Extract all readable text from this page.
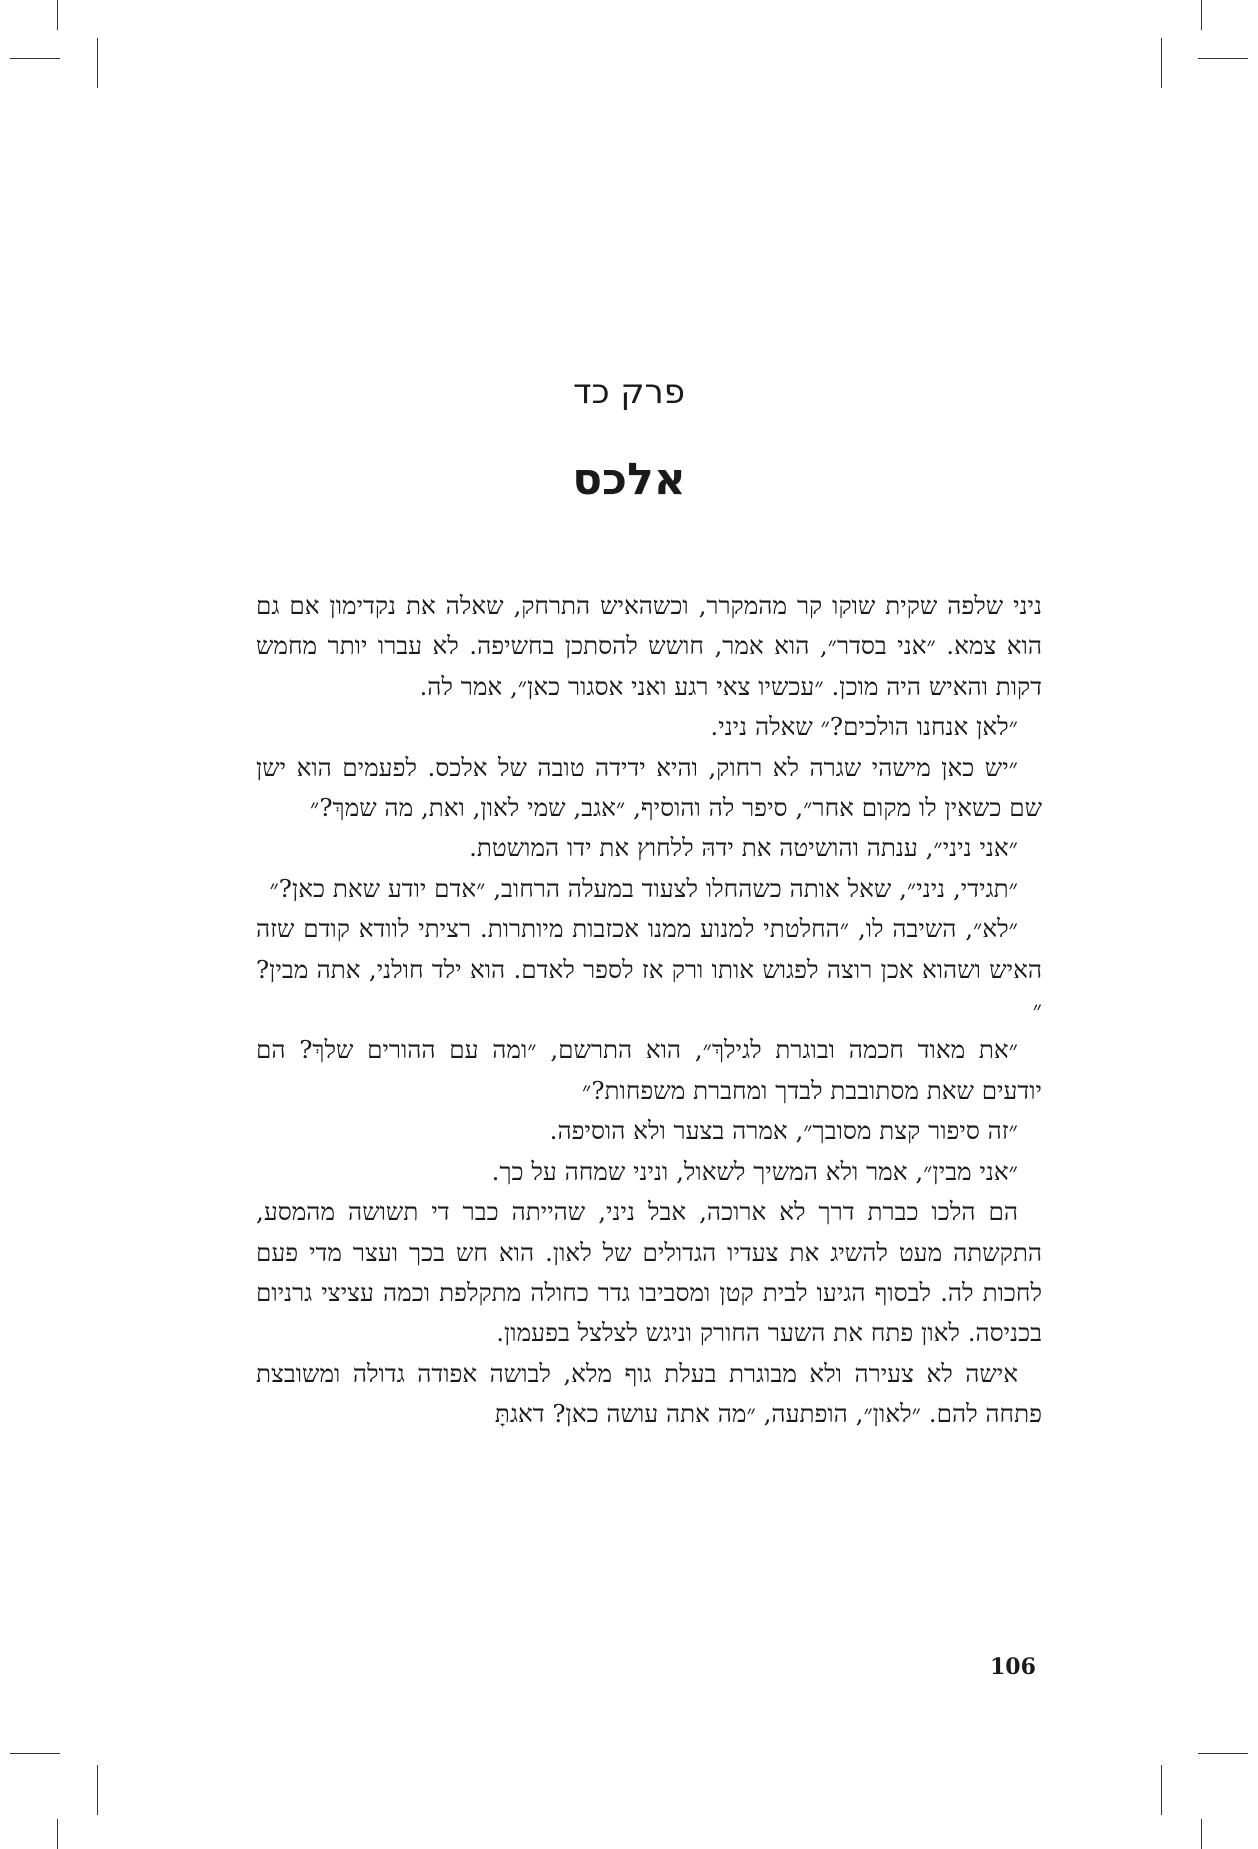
פרק כד
אלכס

ניני שלפה שקית שוקו קר מהמקרר, וכשהאיש התרחק, שאלה את נקדימון אם גם הוא צמא. ״אני בסדר״, הוא אמר, חושש להסתכן בחשיפה. לא עברו יותר מחמש דקות והאיש היה מוכן. ״עכשיו צאי רגע ואני אסגור כאן״, אמר לה.

״לאן אנחנו הולכים?״ שאלה ניני.

״יש כאן מישהי שגרה לא רחוק, והיא ידידה טובה של אלכס. לפעמים הוא ישן שם כשאין לו מקום אחר״, סיפר לה והוסיף, ״אגב, שמי לאון, ואת, מה שמךְ?״

״אני ניני״, ענתה והושיטה את ידהּ ללחוץ את ידו המושטת.

״תגידי, ניני״, שאל אותה כשהחלו לצעוד במעלה הרחוב, ״אדם יודע שאת כאן?״

״לא״, השיבה לו, ״החלטתי למנוע ממנו אכזבות מיותרות. רציתי לוודא קודם שזה האיש ושהוא אכן רוצה לפגוש אותו ורק אז לספר לאדם. הוא ילד חולני, אתה מבין?״

״את מאוד חכמה ובוגרת לגילךְ״, הוא התרשם, ״ומה עם ההורים שלךְ? הם יודעים שאת מסתובבת לבדך ומחברת משפחות?״

״זה סיפור קצת מסובך״, אמרה בצער ולא הוסיפה.

״אני מבין״, אמר ולא המשיך לשאול, וניני שמחה על כך.

הם הלכו כברת דרך לא ארוכה, אבל ניני, שהייתה כבר די תשושה מהמסע, התקשתה מעט להשיג את צעדיו הגדולים של לאון. הוא חש בכך ועצר מדי פעם לחכות לה. לבסוף הגיעו לבית קטן ומסביבו גדר כחולה מתקלפת וכמה עציצי גרניום בכניסה. לאון פתח את השער החורק וניגש לצלצל בפעמון.

אישה לא צעירה ולא מבוגרת בעלת גוף מלא, לבושה אפודה גדולה ומשובצת פתחה להם. ״לאון״, הופתעה, ״מה אתה עושה כאן? דאגתָּ

106
